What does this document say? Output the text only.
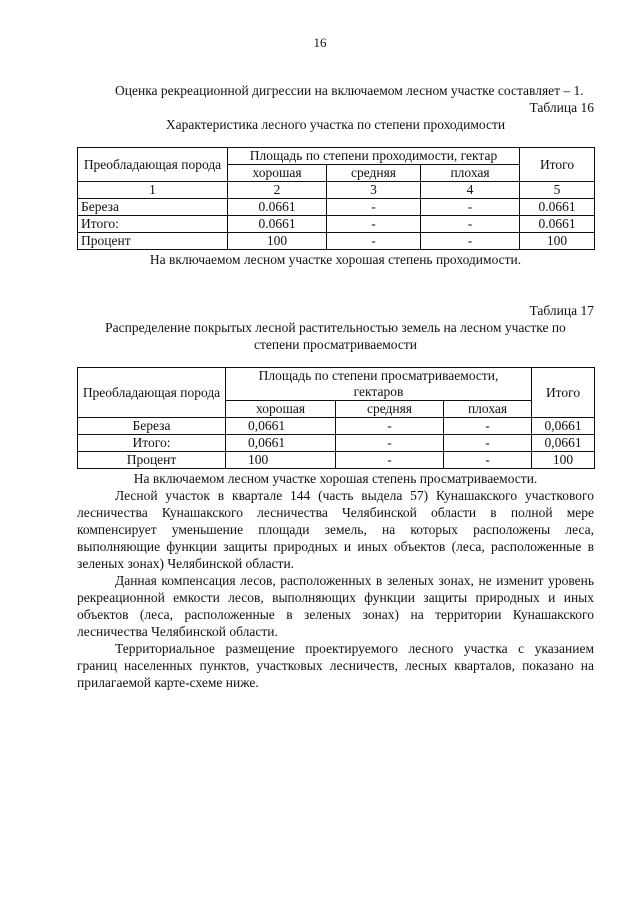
16

Оценка рекреационной дигрессии на включаемом лесном участке составляет – 1.

Таблица 16

Характеристика лесного участка по степени проходимости

Преобладающая порода	Площадь по степени проходимости, гектар			Итого
	хорошая	средняя	плохая	
1	2	3	4	5
Береза	0.0661	-	-	0.0661
Итого:	0.0661	-	-	0.0661
Процент	100	-	-	100

На включаемом лесном участке хорошая степень проходимости.

Таблица 17

Распределение покрытых лесной растительностью земель на лесном участке по степени просматриваемости

Преобладающая порода	Площадь по степени просматриваемости, гектаров			Итого
	хорошая	средняя	плохая	
Береза	0,0661	-	-	0,0661
Итого:	0,0661	-	-	0,0661
Процент	100	-	-	100

На включаемом лесном участке хорошая степень просматриваемости.

Лесной участок в квартале 144 (часть выдела 57) Кунашакского участкового лесничества Кунашакского лесничества Челябинской области в полной мере компенсирует уменьшение площади земель, на которых расположены леса, выполняющие функции защиты природных и иных объектов (леса, расположенные в зеленых зонах) Челябинской области.

Данная компенсация лесов, расположенных в зеленых зонах, не изменит уровень рекреационной емкости лесов, выполняющих функции защиты природных и иных объектов (леса, расположенные в зеленых зонах) на территории Кунашакского лесничества Челябинской области.

Территориальное размещение проектируемого лесного участка с указанием границ населенных пунктов, участковых лесничеств, лесных кварталов, показано на прилагаемой карте-схеме ниже.
